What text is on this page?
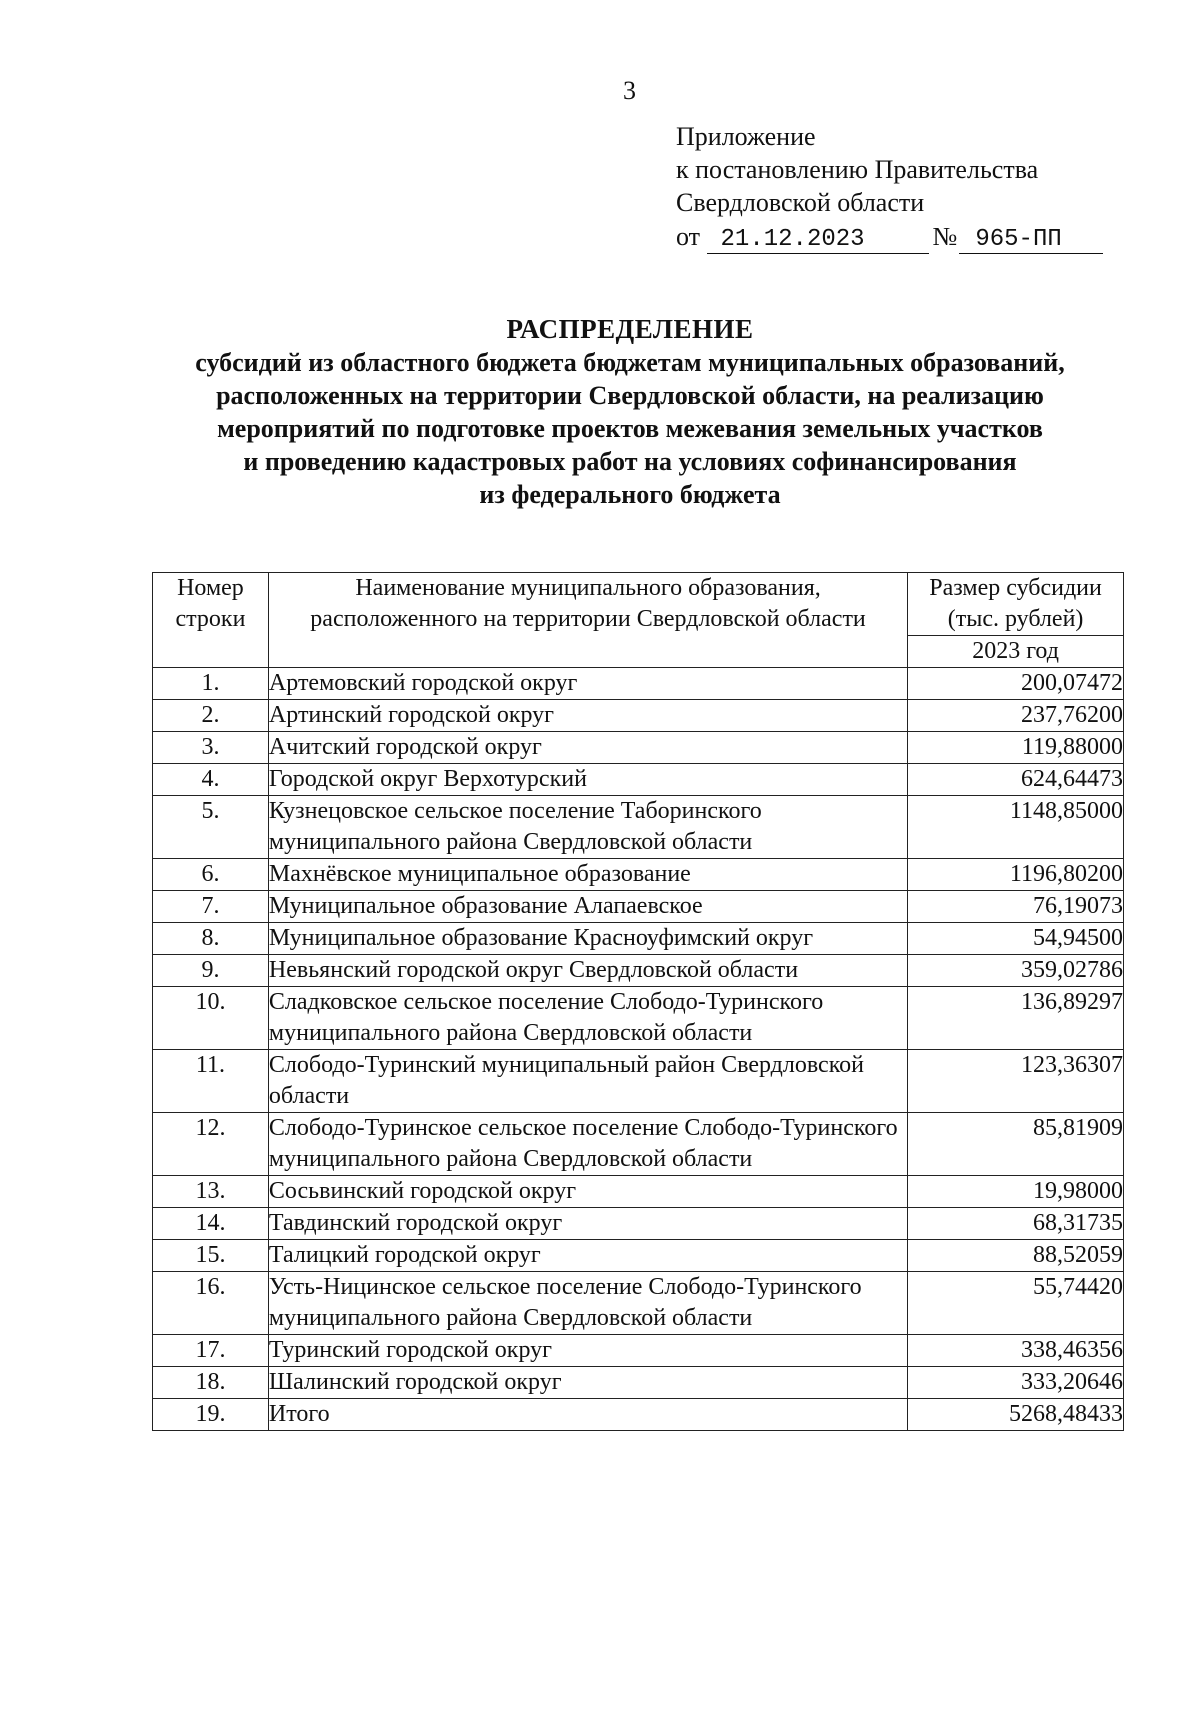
3
Приложение
к постановлению Правительства
Свердловской области
от 21.12.2023	№ 965-ПП
РАСПРЕДЕЛЕНИЕ
субсидий из областного бюджета бюджетам муниципальных образований,
расположенных на территории Свердловской области, на реализацию
мероприятий по подготовке проектов межевания земельных участков
и проведению кадастровых работ на условиях софинансирования
из федерального бюджета
Номер строки	Наименование муниципального образования, расположенного на территории Свердловской области	Размер субсидии (тыс. рублей)
		2023 год
1.	Артемовский городской округ	200,07472
2.	Артинский городской округ	237,76200
3.	Ачитский городской округ	119,88000
4.	Городской округ Верхотурский	624,64473
5.	Кузнецовское сельское поселение Таборинского муниципального района Свердловской области	1148,85000
6.	Махнёвское муниципальное образование	1196,80200
7.	Муниципальное образование Алапаевское	76,19073
8.	Муниципальное образование Красноуфимский округ	54,94500
9.	Невьянский городской округ Свердловской области	359,02786
10.	Сладковское сельское поселение Слободо-Туринского муниципального района Свердловской области	136,89297
11.	Слободо-Туринский муниципальный район Свердловской области	123,36307
12.	Слободо-Туринское сельское поселение Слободо-Туринского муниципального района Свердловской области	85,81909
13.	Сосьвинский городской округ	19,98000
14.	Тавдинский городской округ	68,31735
15.	Талицкий городской округ	88,52059
16.	Усть-Ницинское сельское поселение Слободо-Туринского муниципального района Свердловской области	55,74420
17.	Туринский городской округ	338,46356
18.	Шалинский городской округ	333,20646
19.	Итого	5268,48433
